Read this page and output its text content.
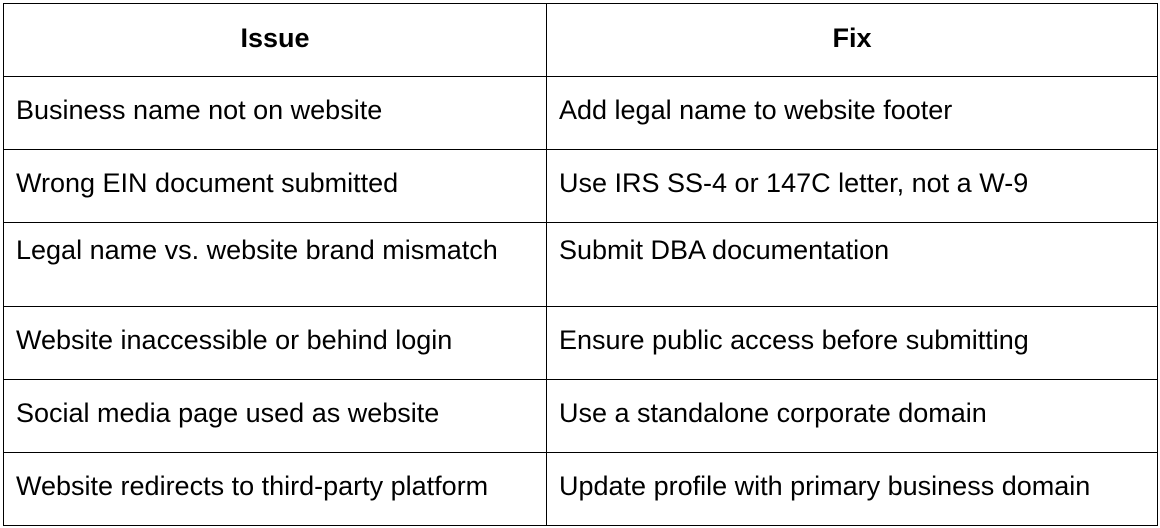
Issue	Fix
Business name not on website	Add legal name to website footer
Wrong EIN document submitted	Use IRS SS-4 or 147C letter, not a W-9
Legal name vs. website brand mismatch	Submit DBA documentation
Website inaccessible or behind login	Ensure public access before submitting
Social media page used as website	Use a standalone corporate domain
Website redirects to third-party platform	Update profile with primary business domain
